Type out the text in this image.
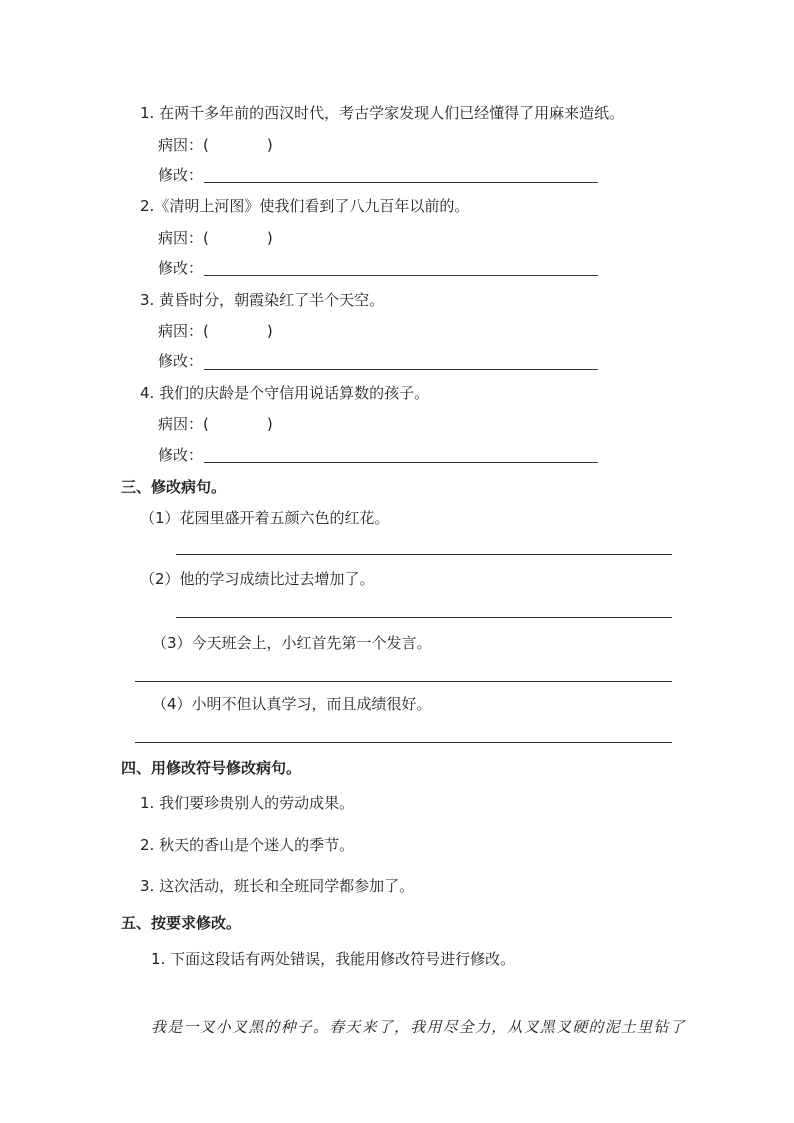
1. 在两千多年前的西汉时代，考古学家发现人们已经懂得了用麻来造纸。
病因：(	)
修改：
2.《清明上河图》使我们看到了八九百年以前的。
病因：(	)
修改：
3. 黄昏时分，朝霞染红了半个天空。
病因：(	)
修改：
4. 我们的庆龄是个守信用说话算数的孩子。
病因：(	)
修改：
三、修改病句。
（1）花园里盛开着五颜六色的红花。
（2）他的学习成绩比过去增加了。
（3）今天班会上，小红首先第一个发言。
（4）小明不但认真学习，而且成绩很好。
四、用修改符号修改病句。
1. 我们要珍贵别人的劳动成果。
2. 秋天的香山是个迷人的季节。
3. 这次活动，班长和全班同学都参加了。
五、按要求修改。
1. 下面这段话有两处错误，我能用修改符号进行修改。
我是一叉小叉黑的种子。春天来了，我用尽全力，从叉黑叉硬的泥土里钻了
